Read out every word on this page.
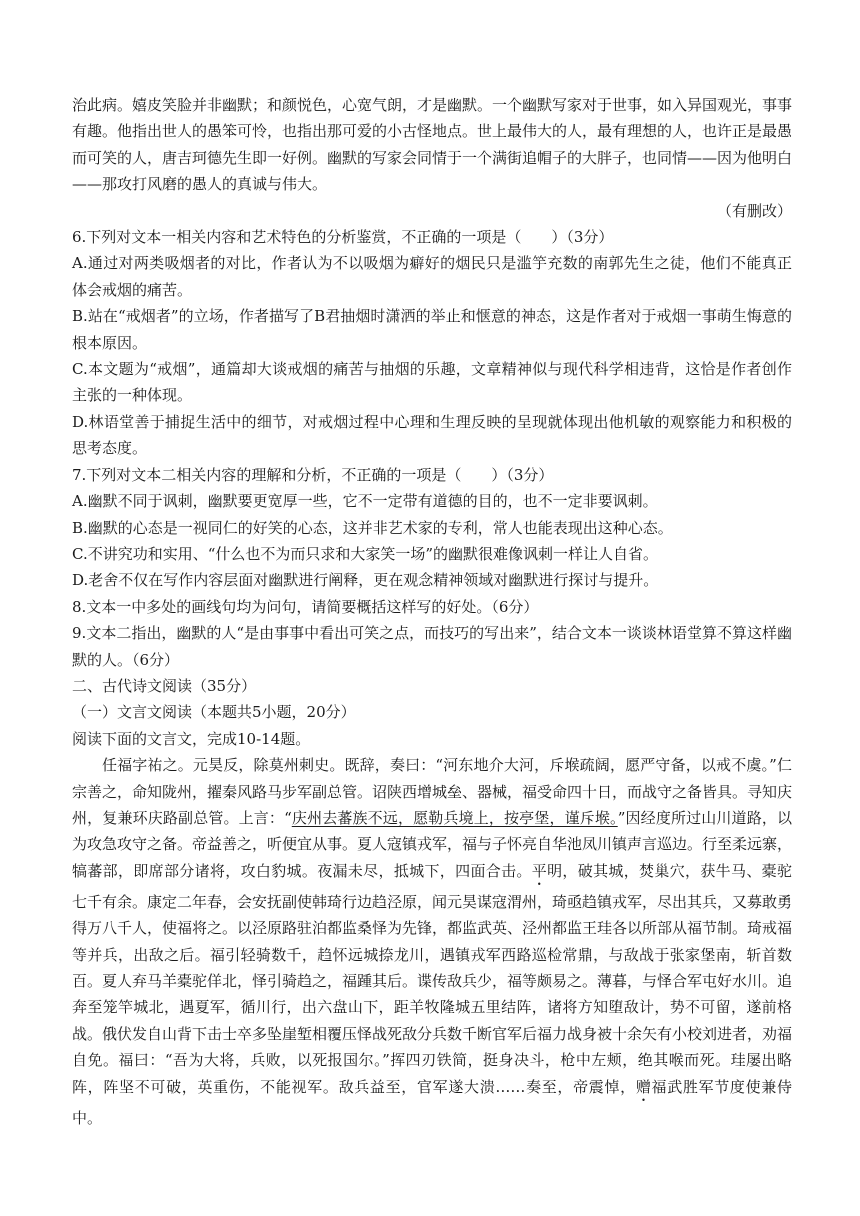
治此病。嬉皮笑脸并非幽默；和颜悦色，心宽气朗，才是幽默。一个幽默写家对于世事，如入异国观光，事事有趣。他指出世人的愚笨可怜，也指出那可爱的小古怪地点。世上最伟大的人，最有理想的人，也许正是最愚而可笑的人，唐吉珂德先生即一好例。幽默的写家会同情于一个满街追帽子的大胖子，也同情——因为他明白——那攻打风磨的愚人的真诚与伟大。

（有删改）

6.下列对文本一相关内容和艺术特色的分析鉴赏，不正确的一项是（　　）（3分）

A.通过对两类吸烟者的对比，作者认为不以吸烟为癖好的烟民只是滥竽充数的南郭先生之徒，他们不能真正体会戒烟的痛苦。

B.站在“戒烟者”的立场，作者描写了B君抽烟时潇洒的举止和惬意的神态，这是作者对于戒烟一事萌生悔意的根本原因。

C.本文题为“戒烟”，通篇却大谈戒烟的痛苦与抽烟的乐趣，文章精神似与现代科学相违背，这恰是作者创作主张的一种体现。

D.林语堂善于捕捉生活中的细节，对戒烟过程中心理和生理反映的呈现就体现出他机敏的观察能力和积极的思考态度。

7.下列对文本二相关内容的理解和分析，不正确的一项是（　　）（3分）

A.幽默不同于讽刺，幽默要更宽厚一些，它不一定带有道德的目的，也不一定非要讽刺。

B.幽默的心态是一视同仁的好笑的心态，这并非艺术家的专利，常人也能表现出这种心态。

C.不讲究功和实用、“什么也不为而只求和大家笑一场”的幽默很难像讽刺一样让人自省。

D.老舍不仅在写作内容层面对幽默进行阐释，更在观念精神领域对幽默进行探讨与提升。

8.文本一中多处的画线句均为问句，请简要概括这样写的好处。（6分）

9.文本二指出，幽默的人“是由事事中看出可笑之点，而技巧的写出来”，结合文本一谈谈林语堂算不算这样幽默的人。（6分）

二、古代诗文阅读（35分）

（一）文言文阅读（本题共5小题，20分）

阅读下面的文言文，完成10-14题。

任福字祐之。元昊反，除莫州刺史。既辞，奏曰：“河东地介大河，斥堠疏阔，愿严守备，以戒不虞。”仁宗善之，命知陇州，擢秦风路马步军副总管。诏陕西增城垒、器械，福受命四十日，而战守之备皆具。寻知庆州，复兼环庆路副总管。上言：“庆州去蕃族不远，愿勒兵境上，按亭堡，谨斥堠。”因经度所过山川道路，以为攻急攻守之备。帝益善之，听便宜从事。夏人寇镇戎军，福与子怀亮自华池凤川镇声言巡边。行至柔远寨，犒蕃部，即席部分诸将，攻白豹城。夜漏未尽，抵城下，四面合击。平明，破其城，焚巢穴，获牛马、橐驼七千有余。康定二年春，会安抚副使韩琦行边趋泾原，闻元昊谋寇渭州，琦亟趋镇戎军，尽出其兵，又募敢勇得万八千人，使福将之。以泾原路驻泊都监桑怿为先锋，都监武英、泾州都监王珪各以所部从福节制。琦戒福等并兵，出敌之后。福引轻骑数千，趋怀远城捺龙川，遇镇戎军西路巡检常鼎，与敌战于张家堡南，斩首数百。夏人弃马羊橐驼佯北，怿引骑趋之，福踵其后。谍传敌兵少，福等颇易之。薄暮，与怿合军屯好水川。追奔至笼竿城北，遇夏军，循川行，出六盘山下，距羊牧隆城五里结阵，诸将方知堕敌计，势不可留，遂前格战。俄伏发自山背下击士卒多坠崖堑相覆压怿战死敌分兵数千断官军后福力战身被十余矢有小校刘进者，劝福自免。福曰：“吾为大将，兵败，以死报国尔。”挥四刃铁简，挺身决斗，枪中左颊，绝其喉而死。珪屡出略阵，阵坚不可破，英重伤，不能视军。敌兵益至，官军遂大溃……奏至，帝震悼，赠福武胜军节度使兼侍中。
